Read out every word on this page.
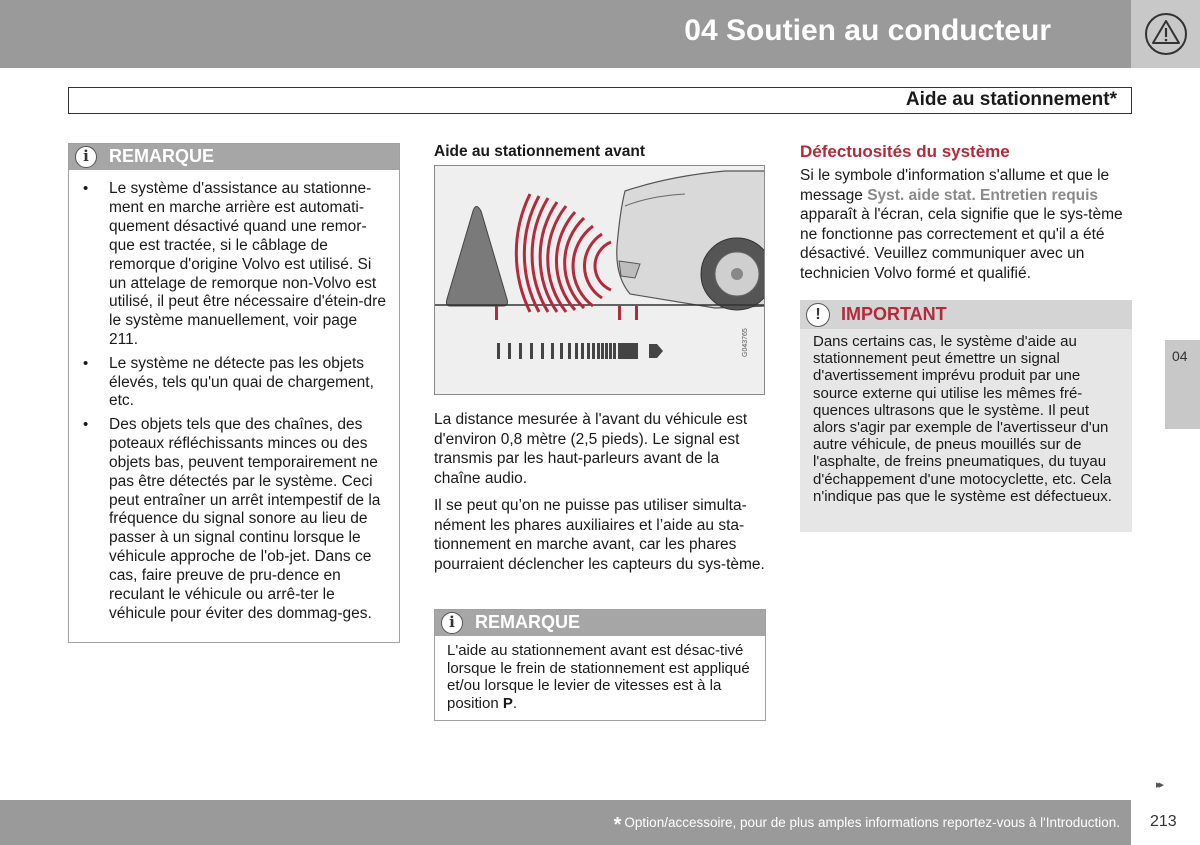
04 Soutien au conducteur
Aide au stationnement*
04
i	REMARQUE
• Le système d'assistance au stationne-ment en marche arrière est automati-quement désactivé quand une remor-que est tractée, si le câblage de remorque d'origine Volvo est utilisé. Si un attelage de remorque non-Volvo est utilisé, il peut être nécessaire d'étein-dre le système manuellement, voir page 211.
• Le système ne détecte pas les objets élevés, tels qu'un quai de chargement, etc.
• Des objets tels que des chaînes, des poteaux réfléchissants minces ou des objets bas, peuvent temporairement ne pas être détectés par le système. Ceci peut entraîner un arrêt intempestif de la fréquence du signal sonore au lieu de passer à un signal continu lorsque le véhicule approche de l'ob-jet. Dans ce cas, faire preuve de pru-dence en reculant le véhicule ou arrê-ter le véhicule pour éviter des dommag-ges.
Aide au stationnement avant
G043765
La distance mesurée à l'avant du véhicule est d'environ 0,8 mètre (2,5 pieds). Le signal est transmis par les haut-parleurs avant de la chaîne audio.
Il se peut qu’on ne puisse pas utiliser simulta-nément les phares auxiliaires et l’aide au sta-tionnement en marche avant, car les phares pourraient déclencher les capteurs du sys-tème.
i	REMARQUE
L'aide au stationnement avant est désac-tivé lorsque le frein de stationnement est appliqué et/ou lorsque le levier de vitesses est à la position P.
Défectuosités du système
Si le symbole d'information s'allume et que le message Syst. aide stat. Entretien requis apparaît à l'écran, cela signifie que le sys-tème ne fonctionne pas correctement et qu'il a été désactivé. Veuillez communiquer avec un technicien Volvo formé et qualifié.
!	IMPORTANT
Dans certains cas, le système d'aide au stationnement peut émettre un signal d'avertissement imprévu produit par une source externe qui utilise les mêmes fré-quences ultrasons que le système. Il peut alors s'agir par exemple de l'avertisseur d'un autre véhicule, de pneus mouillés sur de l'asphalte, de freins pneumatiques, du tuyau d'échappement d'une motocyclette, etc. Cela n'indique pas que le système est défectueux.
▸▸
* Option/accessoire, pour de plus amples informations reportez-vous à l'Introduction. 213
